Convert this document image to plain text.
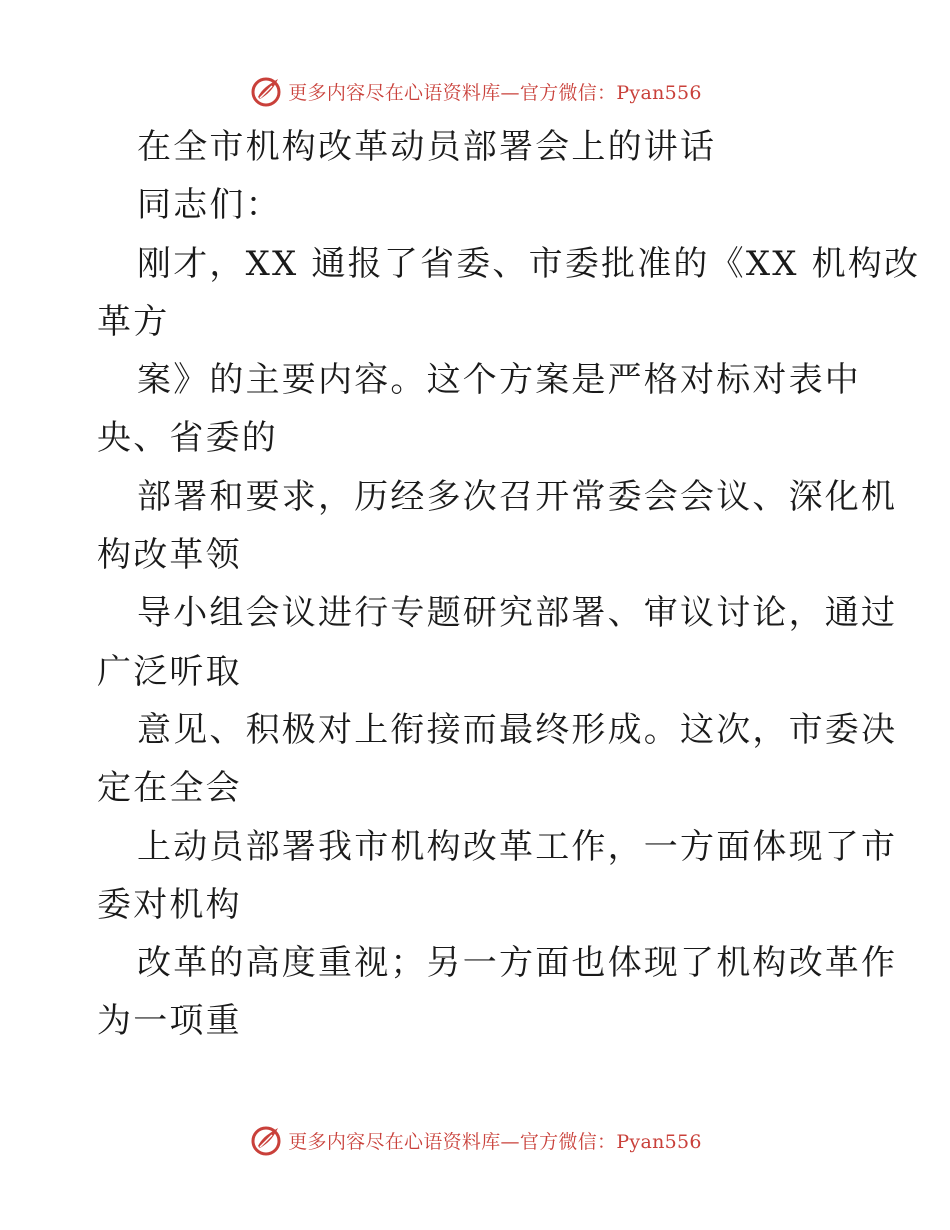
更多内容尽在心语资料库—官方微信：Pyan556

在全市机构改革动员部署会上的讲话

同志们：

刚才，XX 通报了省委、市委批准的《XX 机构改

革方

案》的主要内容。这个方案是严格对标对表中

央、省委的

部署和要求，历经多次召开常委会会议、深化机

构改革领

导小组会议进行专题研究部署、审议讨论，通过

广泛听取

意见、积极对上衔接而最终形成。这次，市委决

定在全会

上动员部署我市机构改革工作，一方面体现了市

委对机构

改革的高度重视；另一方面也体现了机构改革作

为一项重

更多内容尽在心语资料库—官方微信：Pyan556
